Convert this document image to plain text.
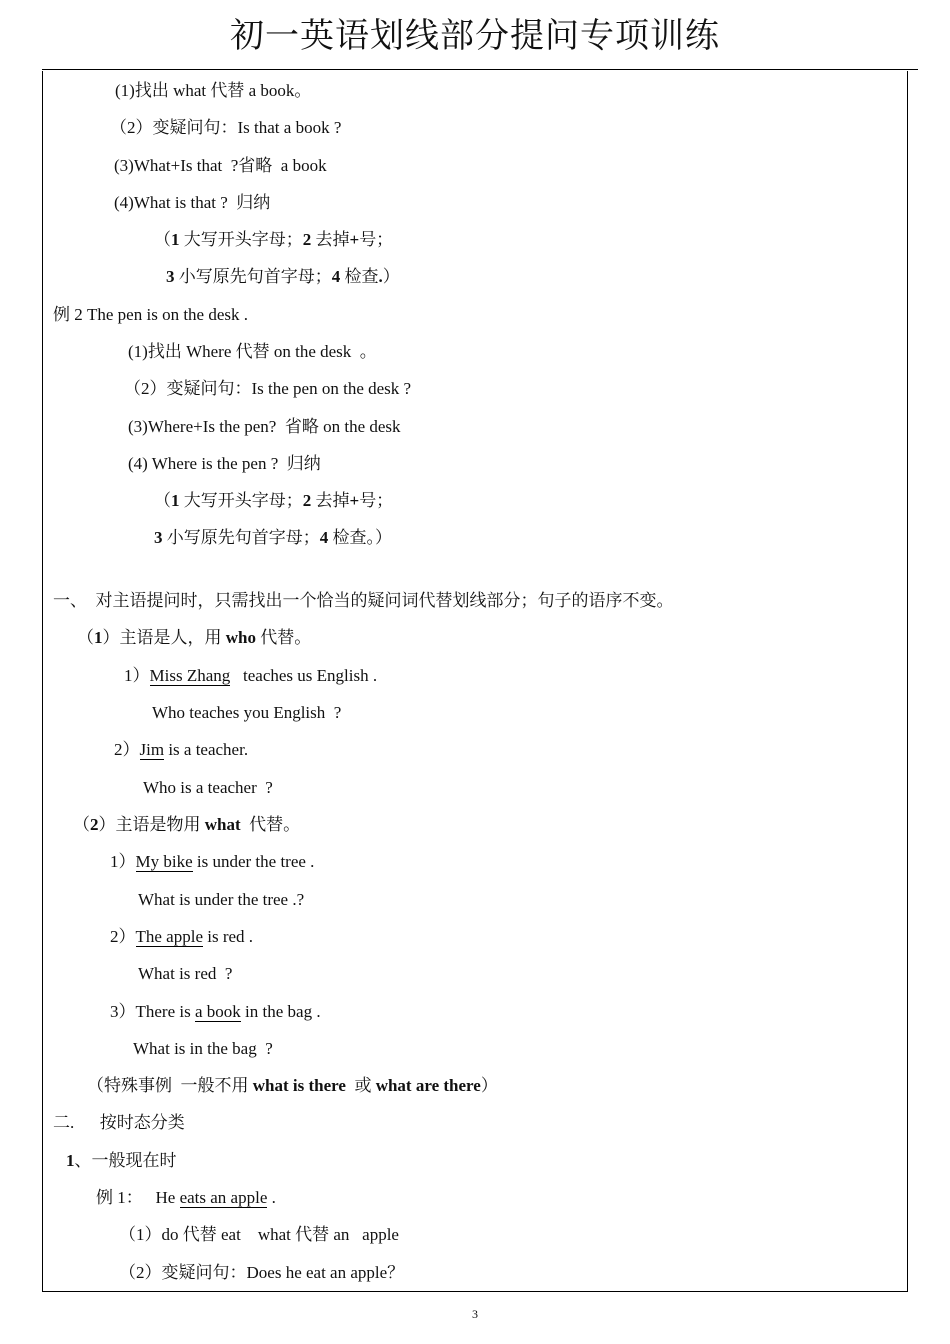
初一英语划线部分提问专项训练
(1)找出 what 代替 a book。
（2）变疑问句：Is that a book ?
(3)What+Is that  ?省略  a book
(4)What is that ?  归纳
（1 大写开头字母；2 去掉+号；
3 小写原先句首字母；4 检查.）
例 2 The pen is on the desk .
(1)找出 Where 代替 on the desk  。
（2）变疑问句：Is the pen on the desk ?
(3)Where+Is the pen?  省略 on the desk
(4) Where is the pen ?  归纳
（1 大写开头字母；2 去掉+号；
3 小写原先句首字母；4 检查。）
一、  对主语提问时，只需找出一个恰当的疑问词代替划线部分；句子的语序不变。
（1）主语是人，用 who 代替。
1）Miss Zhang   teaches us English .
Who teaches you English  ?
2）Jim is a teacher.
Who is a teacher  ?
（2）主语是物用 what  代替。
1）My bike is under the tree .
What is under the tree .?
2）The apple is red .
What is red  ?
3）There is a book in the bag .
What is in the bag  ?
（特殊事例  一般不用 what is there  或 what are there）
二.      按时态分类
1、一般现在时
例 1：   He eats an apple .
（1）do 代替 eat    what 代替 an   apple
（2）变疑问句：Does he eat an apple？
3
